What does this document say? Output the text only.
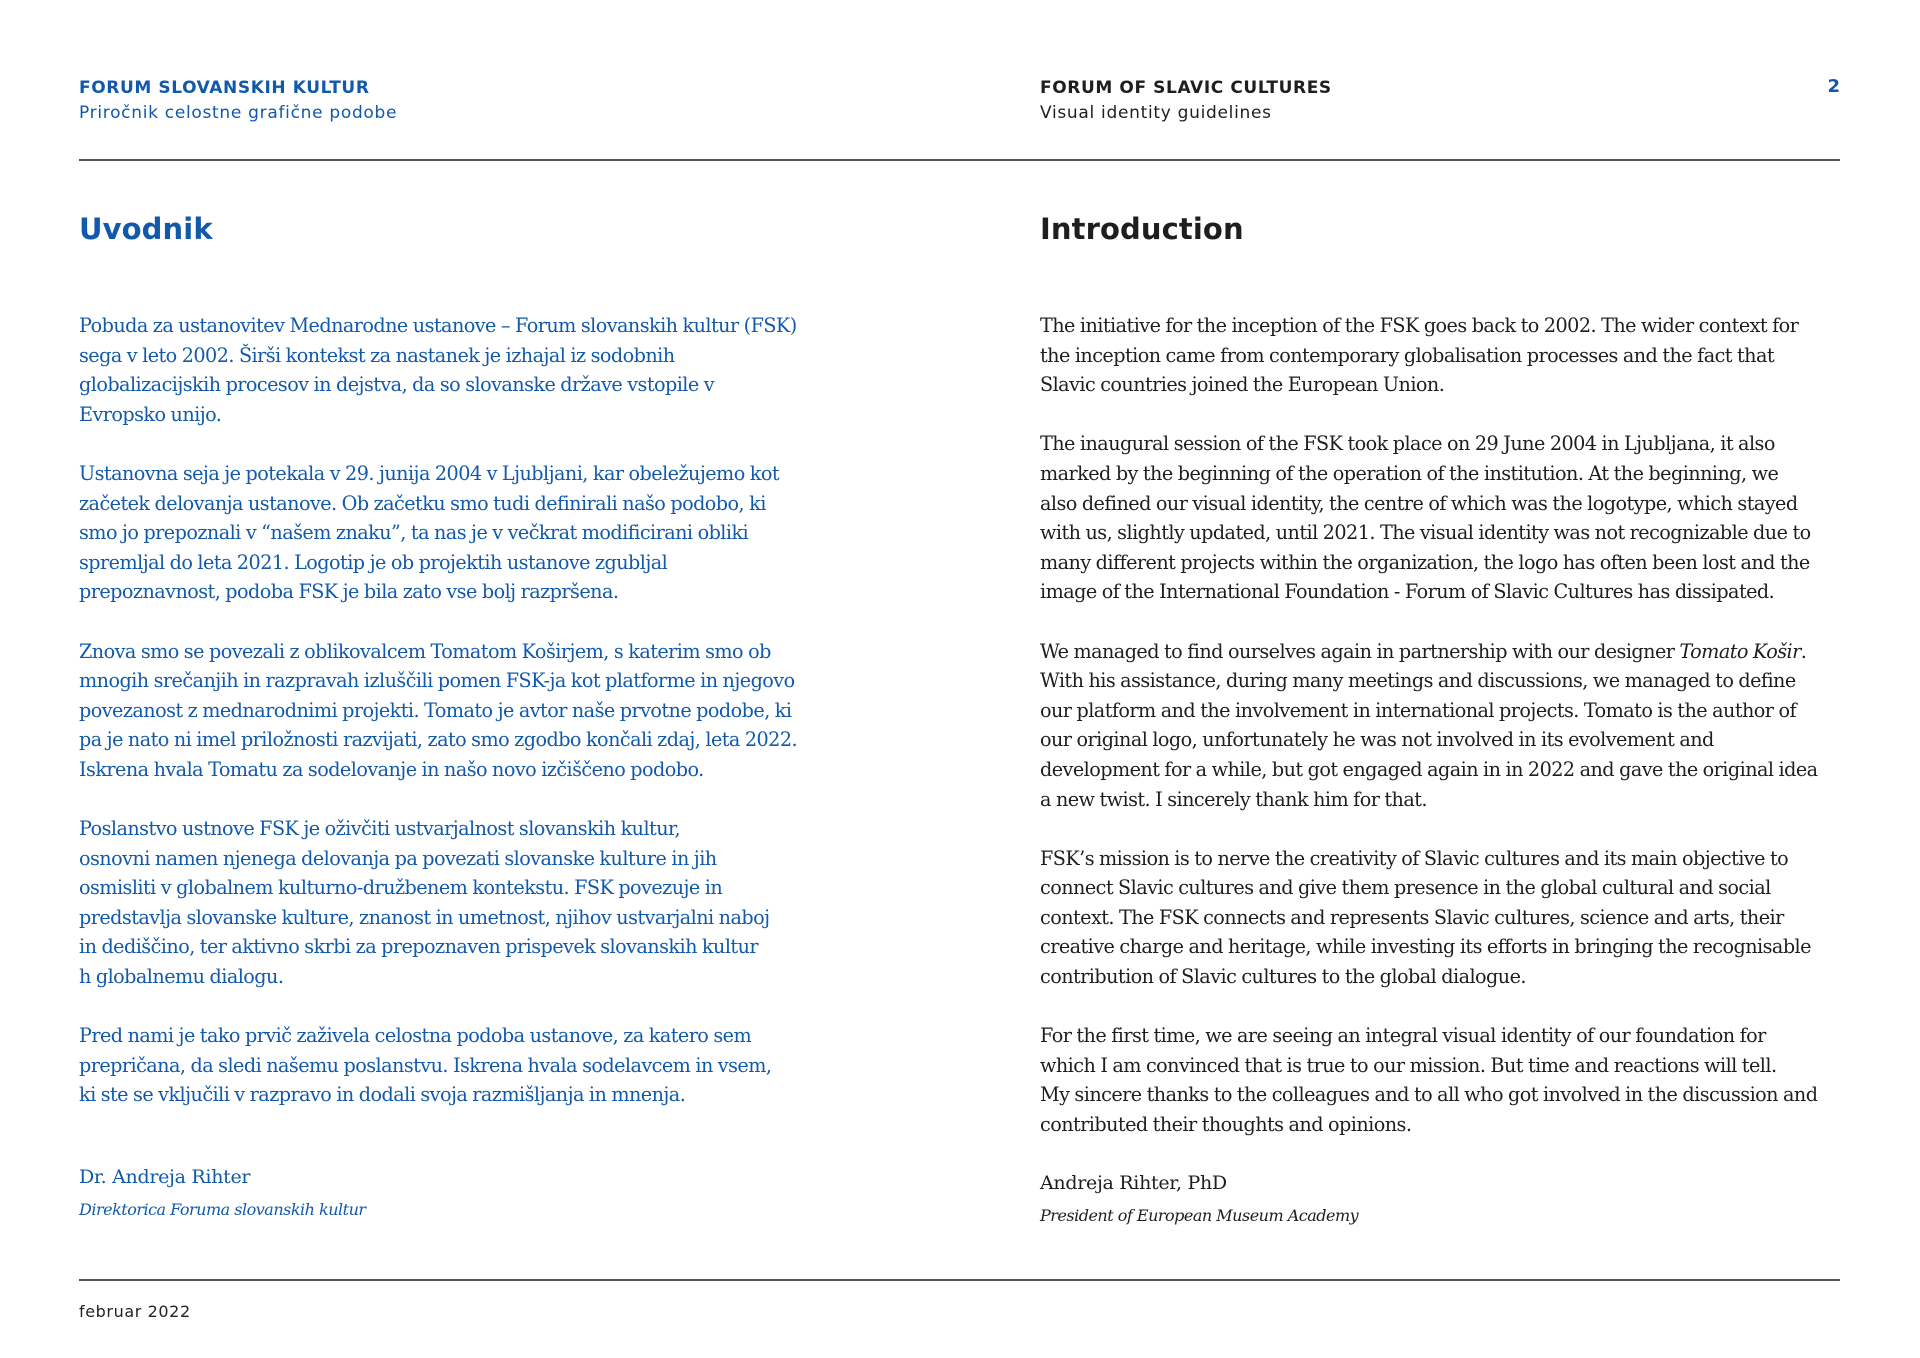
FORUM SLOVANSKIH KULTUR
Priročnik celostne grafične podobe
FORUM OF SLAVIC CULTURES
Visual identity guidelines
2
Uvodnik	Introduction

Pobuda za ustanovitev Mednarodne ustanove – Forum slovanskih kultur (FSK)
sega v leto 2002. Širši kontekst za nastanek je izhajal iz sodobnih
globalizacijskih procesov in dejstva, da so slovanske države vstopile v
Evropsko unijo.

Ustanovna seja je potekala v 29. junija 2004 v Ljubljani, kar obeležujemo kot
začetek delovanja ustanove. Ob začetku smo tudi definirali našo podobo, ki
smo jo prepoznali v “našem znaku”, ta nas je v večkrat modificirani obliki
spremljal do leta 2021. Logotip je ob projektih ustanove zgubljal
prepoznavnost, podoba FSK je bila zato vse bolj razpršena.

Znova smo se povezali z oblikovalcem Tomatom Koširjem, s katerim smo ob
mnogih srečanjih in razpravah izluščili pomen FSK-ja kot platforme in njegovo
povezanost z mednarodnimi projekti. Tomato je avtor naše prvotne podobe, ki
pa je nato ni imel priložnosti razvijati, zato smo zgodbo končali zdaj, leta 2022.
Iskrena hvala Tomatu za sodelovanje in našo novo izčiščeno podobo.

Poslanstvo ustnove FSK je oživčiti ustvarjalnost slovanskih kultur,
osnovni namen njenega delovanja pa povezati slovanske kulture in jih
osmisliti v globalnem kulturno-družbenem kontekstu. FSK povezuje in
predstavlja slovanske kulture, znanost in umetnost, njihov ustvarjalni naboj
in dediščino, ter aktivno skrbi za prepoznaven prispevek slovanskih kultur
h globalnemu dialogu.

Pred nami je tako prvič zaživela celostna podoba ustanove, za katero sem
prepričana, da sledi našemu poslanstvu. Iskrena hvala sodelavcem in vsem,
ki ste se vključili v razpravo in dodali svoja razmišljanja in mnenja.

Dr. Andreja Rihter
Direktorica Foruma slovanskih kultur

The initiative for the inception of the FSK goes back to 2002. The wider context for
the inception came from contemporary globalisation processes and the fact that
Slavic countries joined the European Union.

The inaugural session of the FSK took place on 29 June 2004 in Ljubljana, it also
marked by the beginning of the operation of the institution. At the beginning, we
also defined our visual identity, the centre of which was the logotype, which stayed
with us, slightly updated, until 2021. The visual identity was not recognizable due to
many different projects within the organization, the logo has often been lost and the
image of the International Foundation - Forum of Slavic Cultures has dissipated.

We managed to find ourselves again in partnership with our designer Tomato Košir.
With his assistance, during many meetings and discussions, we managed to define
our platform and the involvement in international projects. Tomato is the author of
our original logo, unfortunately he was not involved in its evolvement and
development for a while, but got engaged again in in 2022 and gave the original idea
a new twist. I sincerely thank him for that.

FSK’s mission is to nerve the creativity of Slavic cultures and its main objective to
connect Slavic cultures and give them presence in the global cultural and social
context. The FSK connects and represents Slavic cultures, science and arts, their
creative charge and heritage, while investing its efforts in bringing the recognisable
contribution of Slavic cultures to the global dialogue.

For the first time, we are seeing an integral visual identity of our foundation for
which I am convinced that is true to our mission. But time and reactions will tell.
My sincere thanks to the colleagues and to all who got involved in the discussion and
contributed their thoughts and opinions.

Andreja Rihter, PhD
President of European Museum Academy
februar 2022
